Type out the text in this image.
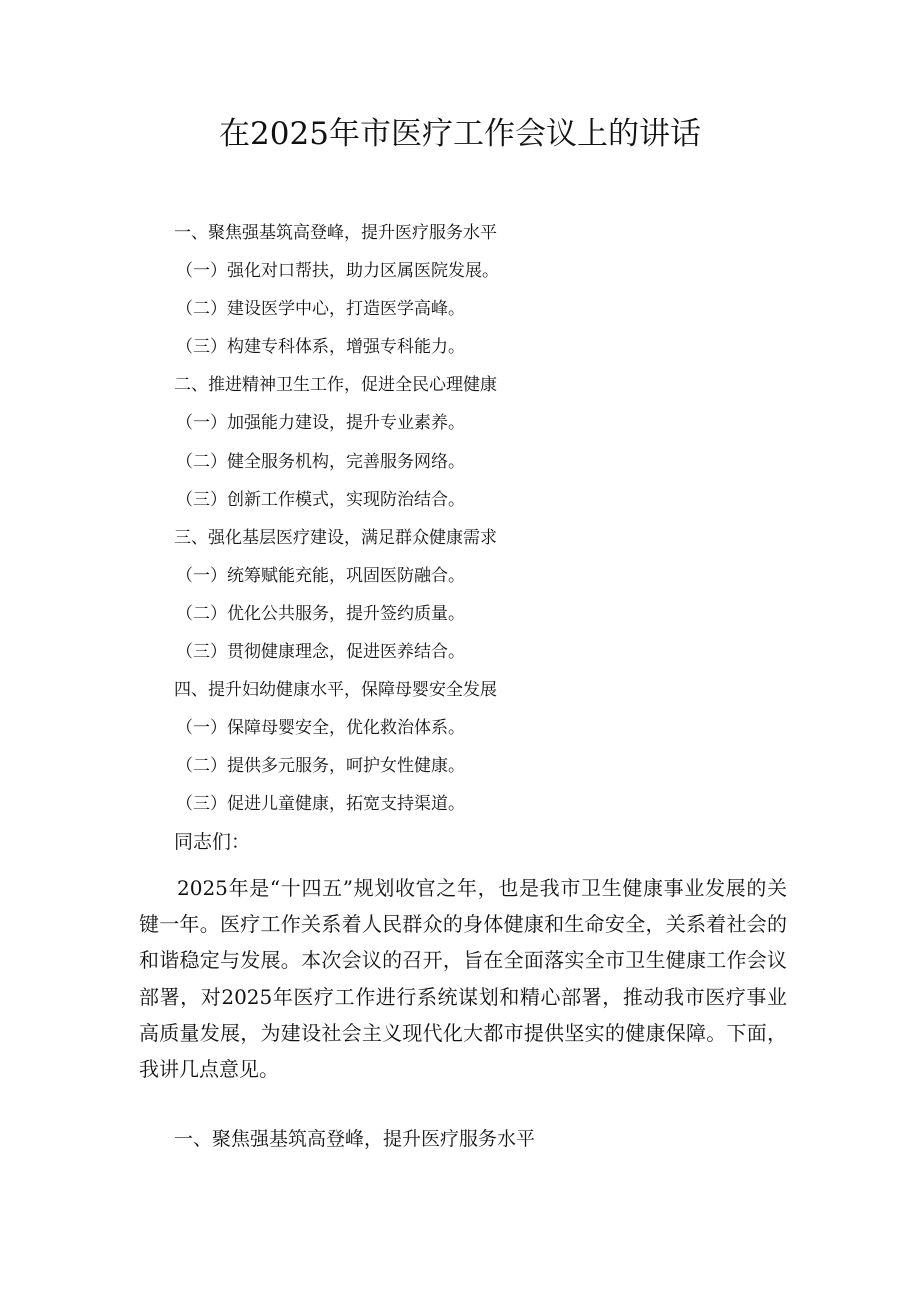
在2025年市医疗工作会议上的讲话
一、聚焦强基筑高登峰，提升医疗服务水平
（一）强化对口帮扶，助力区属医院发展。
（二）建设医学中心，打造医学高峰。
（三）构建专科体系，增强专科能力。
二、推进精神卫生工作，促进全民心理健康
（一）加强能力建设，提升专业素养。
（二）健全服务机构，完善服务网络。
（三）创新工作模式，实现防治结合。
三、强化基层医疗建设，满足群众健康需求
（一）统筹赋能充能，巩固医防融合。
（二）优化公共服务，提升签约质量。
（三）贯彻健康理念，促进医养结合。
四、提升妇幼健康水平，保障母婴安全发展
（一）保障母婴安全，优化救治体系。
（二）提供多元服务，呵护女性健康。
（三）促进儿童健康，拓宽支持渠道。
同志们：
2025年是“十四五”规划收官之年，也是我市卫生健康事业发展的关键一年。医疗工作关系着人民群众的身体健康和生命安全，关系着社会的和谐稳定与发展。本次会议的召开，旨在全面落实全市卫生健康工作会议部署，对2025年医疗工作进行系统谋划和精心部署，推动我市医疗事业高质量发展，为建设社会主义现代化大都市提供坚实的健康保障。下面，我讲几点意见。
一、聚焦强基筑高登峰，提升医疗服务水平
